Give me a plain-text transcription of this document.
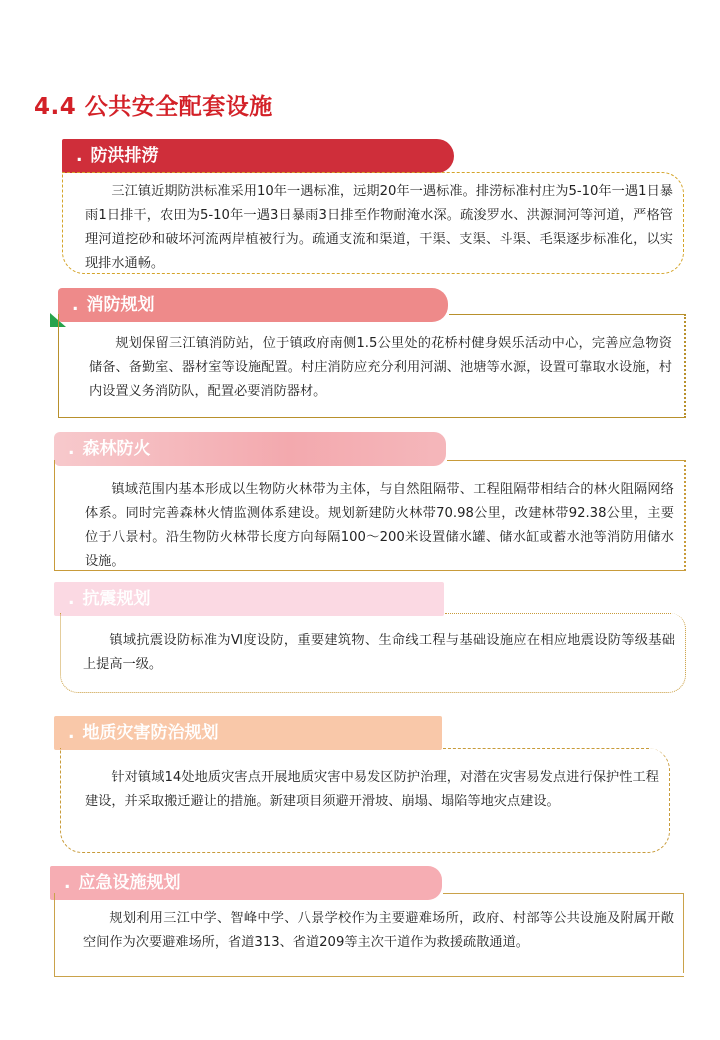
4.4 公共安全配套设施
. 防洪排涝

三江镇近期防洪标准采用10年一遇标准，远期20年一遇标准。排涝标准村庄为5-10年一遇1日暴雨1日排干，农田为5-10年一遇3日暴雨3日排至作物耐淹水深。疏浚罗水、洪源洞河等河道，严格管理河道挖砂和破坏河流两岸植被行为。疏通支流和渠道，干渠、支渠、斗渠、毛渠逐步标准化，以实现排水通畅。

. 消防规划

规划保留三江镇消防站，位于镇政府南侧1.5公里处的花桥村健身娱乐活动中心，完善应急物资储备、备勤室、器材室等设施配置。村庄消防应充分利用河湖、池塘等水源，设置可靠取水设施，村内设置义务消防队，配置必要消防器材。

. 森林防火

镇域范围内基本形成以生物防火林带为主体，与自然阻隔带、工程阻隔带相结合的林火阻隔网络体系。同时完善森林火情监测体系建设。规划新建防火林带70.98公里，改建林带92.38公里，主要位于八景村。沿生物防火林带长度方向每隔100～200米设置储水罐、储水缸或蓄水池等消防用储水设施。

. 抗震规划

镇域抗震设防标准为Ⅵ度设防，重要建筑物、生命线工程与基础设施应在相应地震设防等级基础上提高一级。

. 地质灾害防治规划

针对镇域14处地质灾害点开展地质灾害中易发区防护治理，对潜在灾害易发点进行保护性工程建设，并采取搬迁避让的措施。新建项目须避开滑坡、崩塌、塌陷等地灾点建设。

. 应急设施规划

规划利用三江中学、智峰中学、八景学校作为主要避难场所，政府、村部等公共设施及附属开敞空间作为次要避难场所，省道313、省道209等主次干道作为救援疏散通道。
